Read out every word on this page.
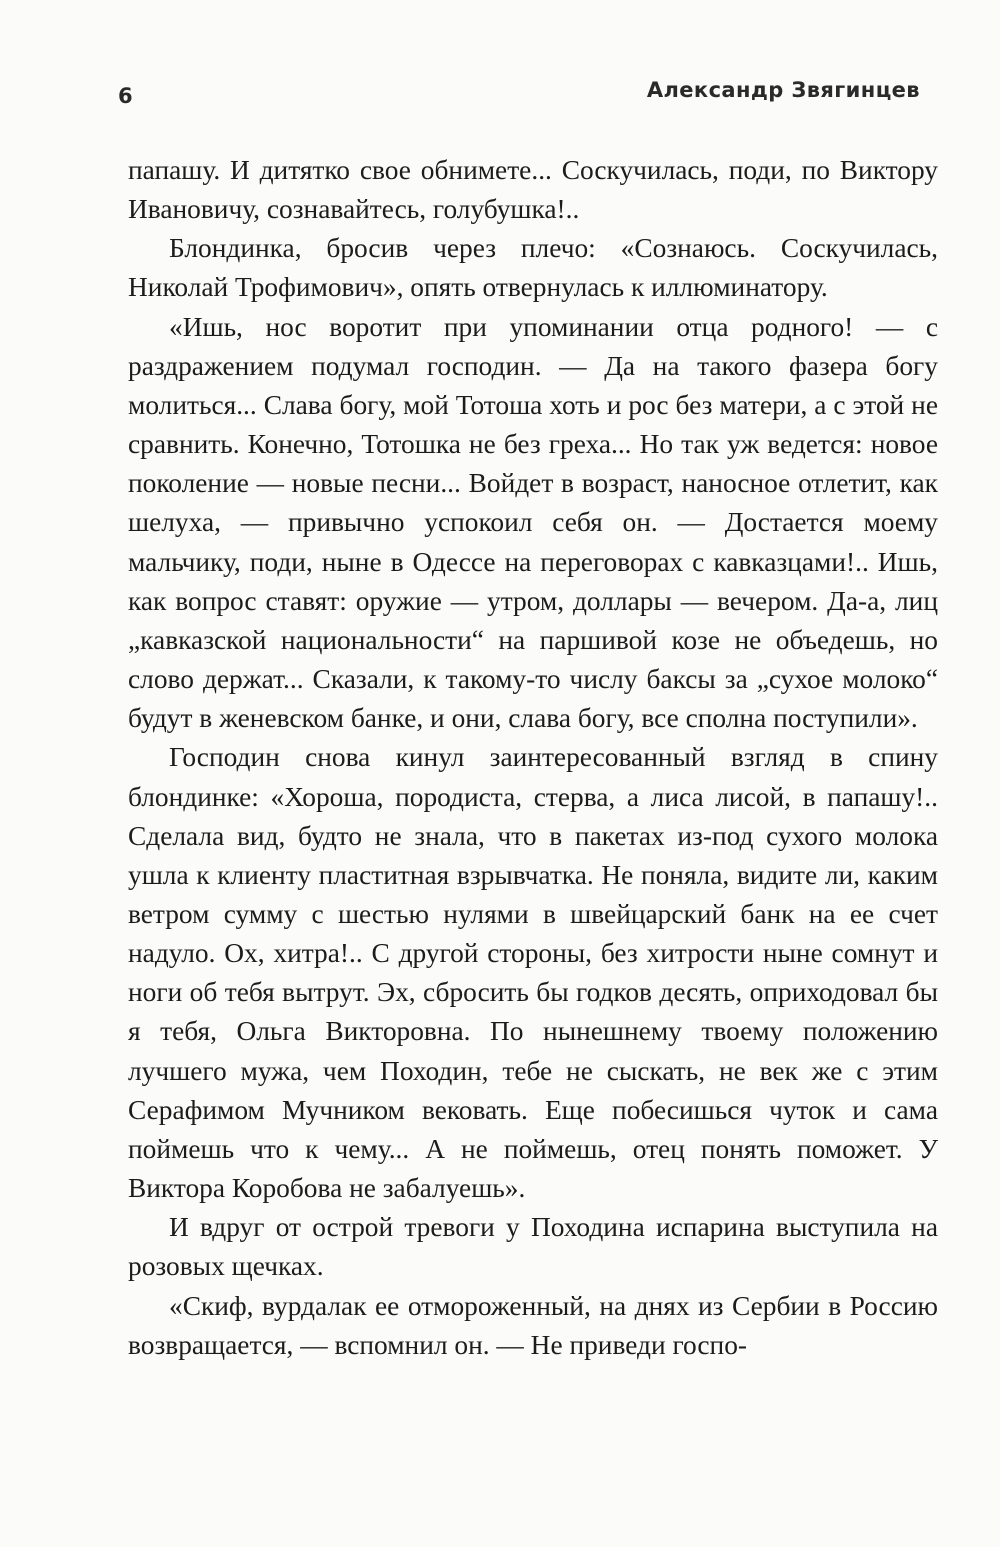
6	Александр Звягинцев

папашу. И дитятко свое обнимете... Соскучилась, поди, по Виктору Ивановичу, сознавайтесь, голубушка!..

Блондинка, бросив через плечо: «Сознаюсь. Соскучилась, Николай Трофимович», опять отвернулась к иллюминатору.

«Ишь, нос воротит при упоминании отца родного! — с раздражением подумал господин. — Да на такого фазера богу молиться... Слава богу, мой Тотоша хоть и рос без матери, а с этой не сравнить. Конечно, Тотошка не без греха... Но так уж ведется: новое поколение — новые песни... Войдет в возраст, наносное отлетит, как шелуха, — привычно успокоил себя он. — Достается моему мальчику, поди, ныне в Одессе на переговорах с кавказцами!.. Ишь, как вопрос ставят: оружие — утром, доллары — вечером. Да-а, лиц „кавказской национальности“ на паршивой козе не объедешь, но слово держат... Сказали, к такому-то числу баксы за „сухое молоко“ будут в женевском банке, и они, слава богу, все сполна поступили».

Господин снова кинул заинтересованный взгляд в спину блондинке: «Хороша, породиста, стерва, а лиса лисой, в папашу!.. Сделала вид, будто не знала, что в пакетах из-под сухого молока ушла к клиенту пластитная взрывчатка. Не поняла, видите ли, каким ветром сумму с шестью нулями в швейцарский банк на ее счет надуло. Ох, хитра!.. С другой стороны, без хитрости ныне сомнут и ноги об тебя вытрут. Эх, сбросить бы годков десять, оприходовал бы я тебя, Ольга Викторовна. По нынешнему твоему положению лучшего мужа, чем Походин, тебе не сыскать, не век же с этим Серафимом Мучником вековать. Еще побесишься чуток и сама поймешь что к чему... А не поймешь, отец понять поможет. У Виктора Коробова не забалуешь».

И вдруг от острой тревоги у Походина испарина выступила на розовых щечках.

«Скиф, вурдалак ее отмороженный, на днях из Сербии в Россию возвращается, — вспомнил он. — Не приведи госпо-
